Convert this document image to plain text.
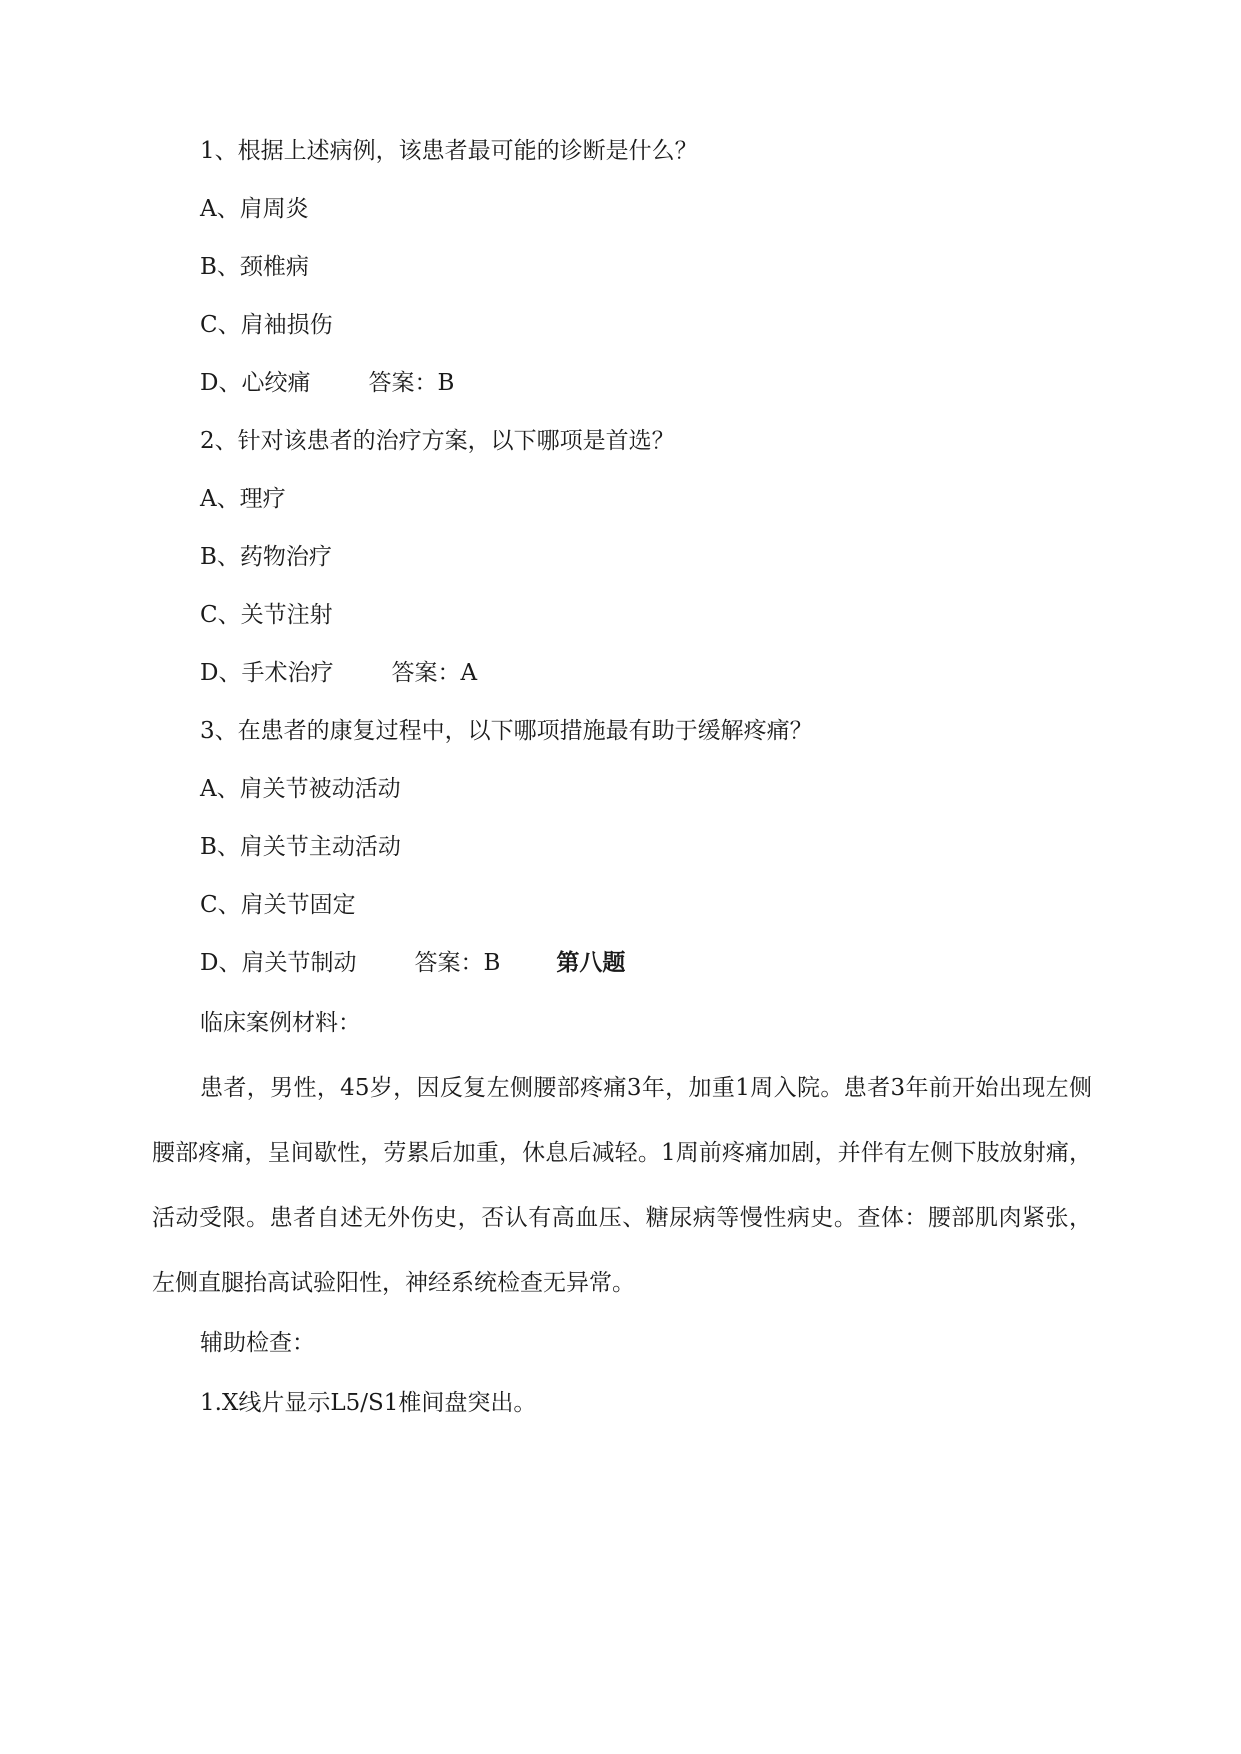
1、根据上述病例，该患者最可能的诊断是什么？
A、肩周炎
B、颈椎病
C、肩袖损伤
D、心绞痛	答案：B
2、针对该患者的治疗方案，以下哪项是首选？
A、理疗
B、药物治疗
C、关节注射
D、手术治疗	答案：A
3、在患者的康复过程中，以下哪项措施最有助于缓解疼痛？
A、肩关节被动活动
B、肩关节主动活动
C、肩关节固定
D、肩关节制动	答案：B 第八题
临床案例材料：
患者，男性，45岁，因反复左侧腰部疼痛3年，加重1周入院。患者3年前开始出现左侧腰部疼痛，呈间歇性，劳累后加重，休息后减轻。1周前疼痛加剧，并伴有左侧下肢放射痛，活动受限。患者自述无外伤史，否认有高血压、糖尿病等慢性病史。查体：腰部肌肉紧张，左侧直腿抬高试验阳性，神经系统检查无异常。
辅助检查：
1.X线片显示L5/S1椎间盘突出。
